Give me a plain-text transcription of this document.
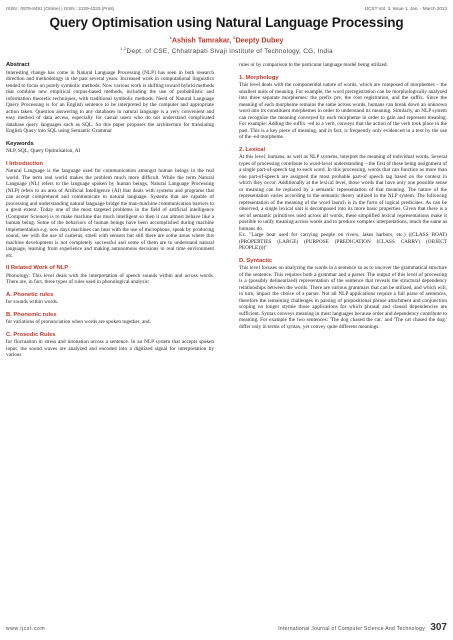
ISSN : 0976-8491 (Online) | ISSN : 2229-4333 (Print)	IJCST Vol. 3, Issue 1, Jan. - March 2012
Query Optimisation using Natural Language Processing
$^1$Ashish Tamrakar, $^2$Deepty Dubey
$^{1,2}$Dept. of CSE, Chhatrapati Sivaji Institute of Technology, CG, India
Abstract

Interesting change has come in Natural Language Processing (NLP) has seen in both research direction and methodology in the past several years. Increased work in computational linguistics tended to focus on purely symbolic methods. Now various work is shifting toward hybrid methods that combine new empirical corpus-based methods, including the use of probabilistic and information theoretic techniques, with traditional symbolic methods. Need of Natural Language Query Processing is for an English sentence to be interpreted by the computer and appropriate action taken. Question answering to any databases in natural language is a very convenient and easy method of data access, especially for casual users who do not understand complicated database query languages such as SQL. So this paper proposes the architecture for translating English Query into SQL using Semantic Grammar

Keywords

NLP, SQL, Query Optimisation, AI

I Introduction

Natural Language is the language used for communication amongst human beings in the real world. The term real world makes the problem much more difficult. While the term Natural Language (NL) refers to the language spoken by human beings, Natural Language Processing (NLP) refers to an area of Artificial Intelligence (AI) that deals with systems and programs that can accept comprehend and communicate in natural language. Systems that are capable of processing and understanding natural language bridge the man-machine communication barriers to a great extent. Today one of the most targeted problems in the field of artificial intelligence (Computer Science) is to make machine this much intelligent so then it can almost behave like a human being. Some of the behaviors of human beings have been accomplished during machine implementation e.g. now days machines can hear with the use of microphone, speak by producing sound, see with the use of cameras, smell with sensors but still there are some areas where this machine development is not completely successful and some of them are to understand natural language, learning from experience and making autonomous decisions in real time environment etc.

II Related Work of NLP

Phonology: This level deals with the interpretation of speech sounds within and across words. There are, in fact, three types of rules used in phonological analysis:

A. Phonetic rules

for sounds within words.

B. Phonemic rules

for variations of pronunciation when words are spoken together, and.

C. Prosodic Rules

for fluctuation in stress and intonation across a sentence. In an NLP system that accepts spoken input, the sound waves are analyzed and encoded into a digitized signal for interpretation by various

rules or by comparison to the particular language model being utilized.

1. Morphology

This level deals with the componential nature of words, which are composed of morphemes – the smallest units of meaning. For example, the word preregistration can be morphologically analyzed into three separate morphemes: the prefix pre, the root registration, and the suffix. Since the meaning of each morpheme remains the same across words, humans can break down an unknown word into its constituent morphemes in order to understand its meaning. Similarly, an NLP system can recognize the meaning conveyed by each morpheme in order to gain and represent meaning. For example: Adding the suffix –ed to a verb, conveys that the action of the verb took place in the past. This is a key piece of meaning, and in fact, is frequently only evidenced in a text by the use of the -ed morpheme.

2. Lexical

At this level, humans, as well as NLP systems, interpret the meaning of individual words. Several types of processing contribute to word-level understanding – the first of these being assignment of a single part-of-speech tag to each word. In this processing, words that can function as more than one part-of-speech are assigned the most probable part-of speech tag based on the context in which they occur. Additionally at the lexical level, those words that have only one possible sense or meaning can be replaced by a semantic representation of that meaning. The nature of the representation varies according to the semantic theory utilized in the NLP system. The following representation of the meaning of the word launch is in the form of logical predicates. As can be observed, a single lexical unit is decomposed into its more basic properties. Given that there is a set of semantic primitives used across all words, these simplified lexical representations make it possible to unify meaning across words and to produce complex interpretations, much the same as humans do.

Ex. "Large boat used for carrying people on rivers, lakes harbors, etc.) ((CLASS BOAT) (PROPERTIES (LARGE) (PURPOSE (PREDICATION (CLASS CARRY) (OBJECT PEOPLE))))"

D. Syntactic

This level focuses on analyzing the words in a sentence so as to uncover the grammatical structure of the sentence. This requires both a grammar and a parser. The output of this level of processing is a (possibly delinearized) representation of the sentence that reveals the structural dependency relationships between the words. There are various grammars that can be utilized, and which will, in turn, impact the choice of a parser. Not all NLP applications require a full parse of sentences, therefore the remaining challenges in parsing of prepositional phrase attachment and conjunction scoping no longer stymie those applications for which phrasal and clausal dependencies are sufficient. Syntax conveys meaning in most languages because order and dependency contribute to meaning. For example the two sentences: 'The dog chased the cat.' and 'The cat chased the dog.' differ only in terms of syntax, yet convey quite different meanings.

www.ijcst.com	International Journal of Computer Science And Technology 307
